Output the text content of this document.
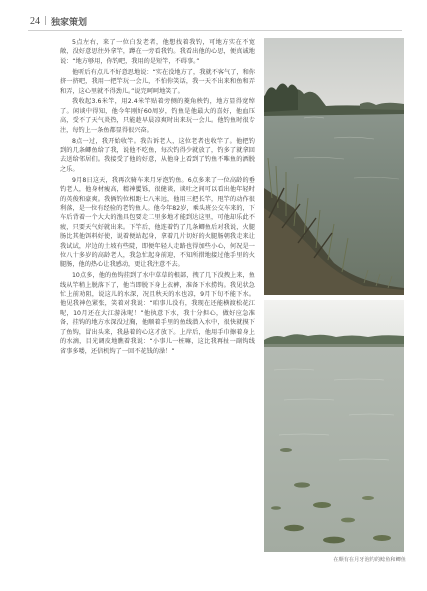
24 | 独家策划

5点左右，来了一位白发老者，他想找着我钓，可地方实在不宽敞，没好意思往外拿竿，蹲在一旁看我钓。我看出他的心思，便真诚地说：“地方够用，你钓吧，我用的是短竿，不碍事。”

他听后有点儿不好意思地说：“实在没地方了，我就不客气了，和你挤一挤吧，我用一把竿玩一会儿，不怕你笑话，我一天不出来和鱼和弄和弄，这心里就不得劲儿。”说完呵呵地笑了。

我收起3.6米竿，用2.4米竿贴着旁侧的菱角秧钓，地方显得宽绰了。闲谈中得知，他今年刚好60周岁，钓鱼是他最大的喜好，他血压高，受不了天气炎热，只能趁早晨凉爽时出来玩一会儿。他钓鱼时很专注，每钓上一条鱼都显得很兴奋。

8点一过，我开始收竿。我告诉老人，这位老者也收竿了。他把钓到的几条鲫鱼给了我，说他不吃鱼，每次钓得少就放了，钓多了就拿回去送给邻居们。我接受了他的好意，从他身上看到了钓鱼不唯鱼的洒脱之乐。

9月8日这天，我再次骑车来月牙泡钓鱼。6点多来了一位高龄的垂钓老人，他身材瘦高，精神矍铄，很健谈，谈吐之间可以看出他年轻时的英俊和豪爽。我俩钓位相距七八米远，他用三把长竿，甩竿的动作很利落，是一位有经验的老钓鱼人。他今年82岁，乘头班公交车来的，下车后背着一个大大的渔具包要走二里多地才能到达这里，可他却乐此不疲，只要天气好就出来。下竿后，他连着钓了几条鲫鱼后对我说，火腿肠比其他饵料好使，说着便站起身，拿着几片切好的火腿肠朝我走来让我试试，岸边的土坡有些陡，即便年轻人走路也得加些小心，何况是一位八十多岁的高龄老人，我急忙起身前迎，不知所措地接过他手里的火腿肠，他的热心让我感动，更让我注意不去。

10点多，他的鱼钩挂到了水中草草的根部，拽了几下没拽上来，鱼线从竿稍上脱落下了，他当即脱下身上衣裤，准备下水捞钩。我见状急忙上前劝阻，说这儿的水深，况且秋天的水也凉，9月下旬不能下水。他见我神色紧张，笑着对我说：“咱事儿没有，我现在还能横渡松花江呢，10月还在大江游泳呢！”他执意下水，我十分担心，做好应急准备，挂钩的地方水深没过胸，他顺着手里的鱼线潜入水中，很快就摸下了鱼钩，冒出头来，我悬着的心这才放下。上岸后，他用手巾擦着身上的水滴，目光调皮地瞧着我说：“小事儿一桩嘛，这比我再扯一副钩线省事多喽，还信机钩了一回不花钱的澡！”

在颇有在月牙泡钓的鲶鱼和鲫鱼
